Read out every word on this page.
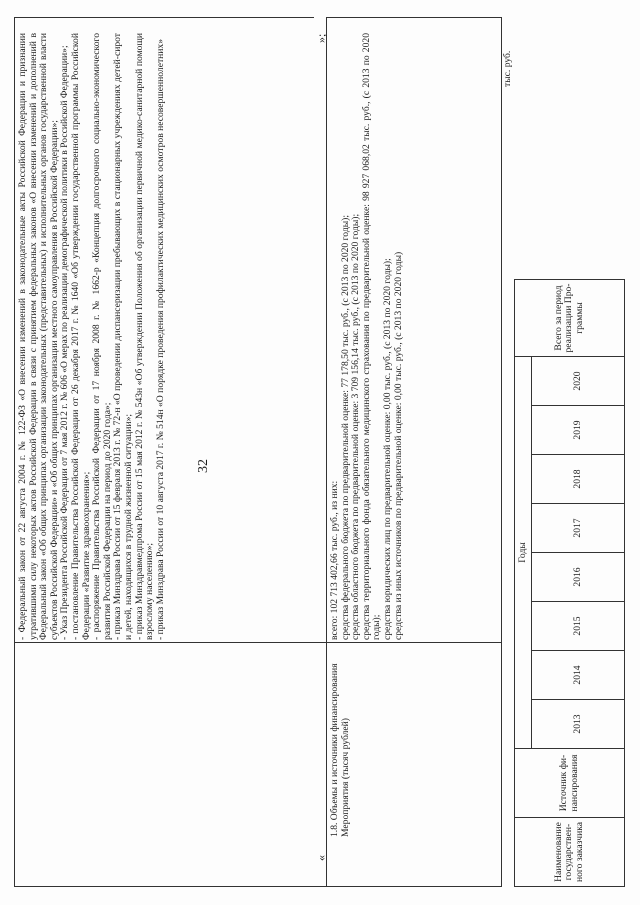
32
- Федеральный закон от 22 августа 2004 г. № 122-ФЗ «О внесении изменений в законодательные акты Российской Федерации и признании утратившими силу некоторых актов Российской Федерации в связи с принятием федеральных законов «О внесении изменений и дополнений в Федеральный закон «Об общих принципах организации законодательных (представительных) и исполнительных органов государственной власти субъектов Российской Федерации» и «Об общих принципах организации местного самоуправления в Российской Федерации»; - Указ Президента Российской Федерации от 7 мая 2012 г. № 606 «О мерах по реализации демографической политики в Российской Федерации»; - постановление Правительства Российской Федерации от 26 декабря 2017 г. № 1640 «Об утверждении государственной программы Российской Федерации «Развитие здравоохранения»; - распоряжение Правительства Российской Федерации от 17 ноября 2008 г. № 1662-р «Концепция долгосрочного социально-экономического развития Российской Федерации на период до 2020 года»; - приказ Минздрава России от 15 февраля 2013 г. № 72-н «О проведении диспансеризации пребывающих в стационарных учреждениях детей-сирот и детей, находящихся в трудной жизненной ситуации»; - приказ Минздравмедпрома России от 15 мая 2012 г. № 543н «Об утверждении Положения об организации первичной медико-санитарной помощи взрослому населению»; - приказ Минздрава России от 10 августа 2017 г. № 514н «О порядке проведения профилактических медицинских осмотров несовершеннолетних»
»;
«
1.8. Объемы и источники финансирования Мероприятия (тысяч рублей)
всего: 102 713 402,66 тыс. руб., из них: средства федерального бюджета по предварительной оценке: 77 178,50 тыс. руб., (с 2013 по 2020 годы); средства областного бюджета по предварительной оценке: 3 709 156,14 тыс. руб., (с 2013 по 2020 годы); средства территориального фонда обязательного медицинского страхования по предварительной оценке: 98 927 068,02 тыс. руб., (с 2013 по 2020 годы); средства юридических лиц по предварительной оценке: 0,00 тыс. руб., (с 2013 по 2020 годы); средства из иных источников по предварительной оценке: 0,00 тыс. руб., (с 2013 по 2020 годы)
тыс. руб.
Наименование государствен-ного заказчика	Источник фи-нансирования	Годы								Всего за период реализации Про-граммы
		2013	2014	2015	2016	2017	2018	2019	2020	
